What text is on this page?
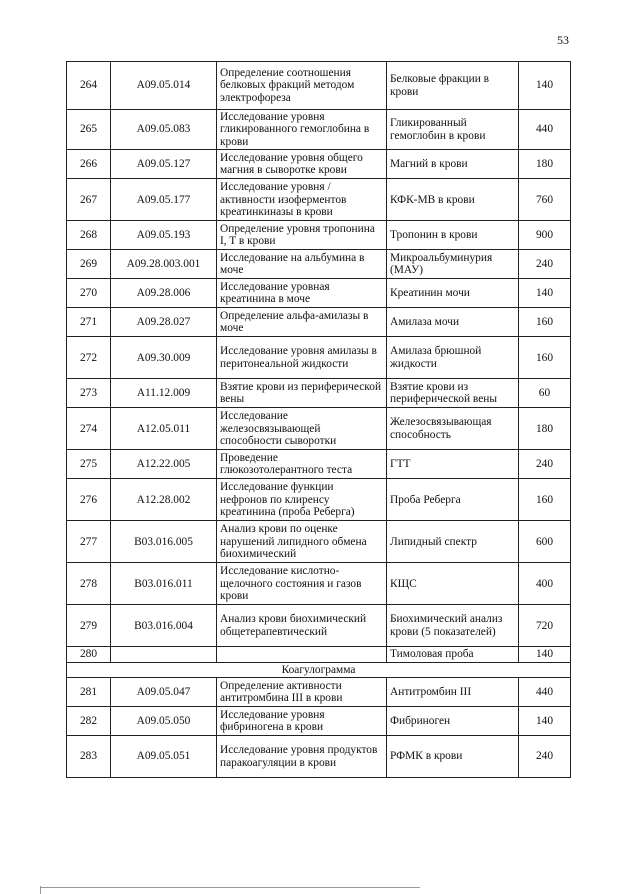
53
264	A09.05.014	Определение соотношения белковых фракций методом электрофореза	Белковые фракции в крови	140
265	A09.05.083	Исследование уровня гликированного гемоглобина в крови	Гликированный гемоглобин в крови	440
266	A09.05.127	Исследование уровня общего магния в сыворотке крови	Магний в крови	180
267	A09.05.177	Исследование уровня /активности изоферментов креатинкиназы в крови	КФК-МВ в крови	760
268	A09.05.193	Определение уровня тропонина I, T в крови	Тропонин в крови	900
269	A09.28.003.001	Исследование на альбумина в моче	Микроальбуминурия (МАУ)	240
270	A09.28.006	Исследование уровная креатинина в моче	Креатинин мочи	140
271	A09.28.027	Определение альфа-амилазы в моче	Амилаза мочи	160
272	A09.30.009	Исследование уровня амилазы в перитонеальной жидкости	Амилаза брюшной жидкости	160
273	A11.12.009	Взятие крови из периферической вены	Взятие крови из периферической вены	60
274	A12.05.011	Исследование железосвязывающей способности сыворотки	Железосвязывающая способность	180
275	A12.22.005	Проведение глюкозотолерантного теста	ГТТ	240
276	A12.28.002	Исследование функции нефронов по клиренсу креатинина (проба Реберга)	Проба Реберга	160
277	B03.016.005	Анализ крови по оценке нарушений липидного обмена биохимический	Липидный спектр	600
278	B03.016.011	Исследование кислотно-щелочного состояния и газов крови	КЩС	400
279	B03.016.004	Анализ крови биохимический общетерапевтический	Биохимический анализ крови (5 показателей)	720
280			Тимоловая проба	140
Коагулограмма				
281	A09.05.047	Определение активности антитромбина III в крови	Антитромбин III	440
282	A09.05.050	Исследование уровня фибриногена в крови	Фибриноген	140
283	A09.05.051	Исследование уровня продуктов паракоагуляции в крови	РФМК в крови	240
